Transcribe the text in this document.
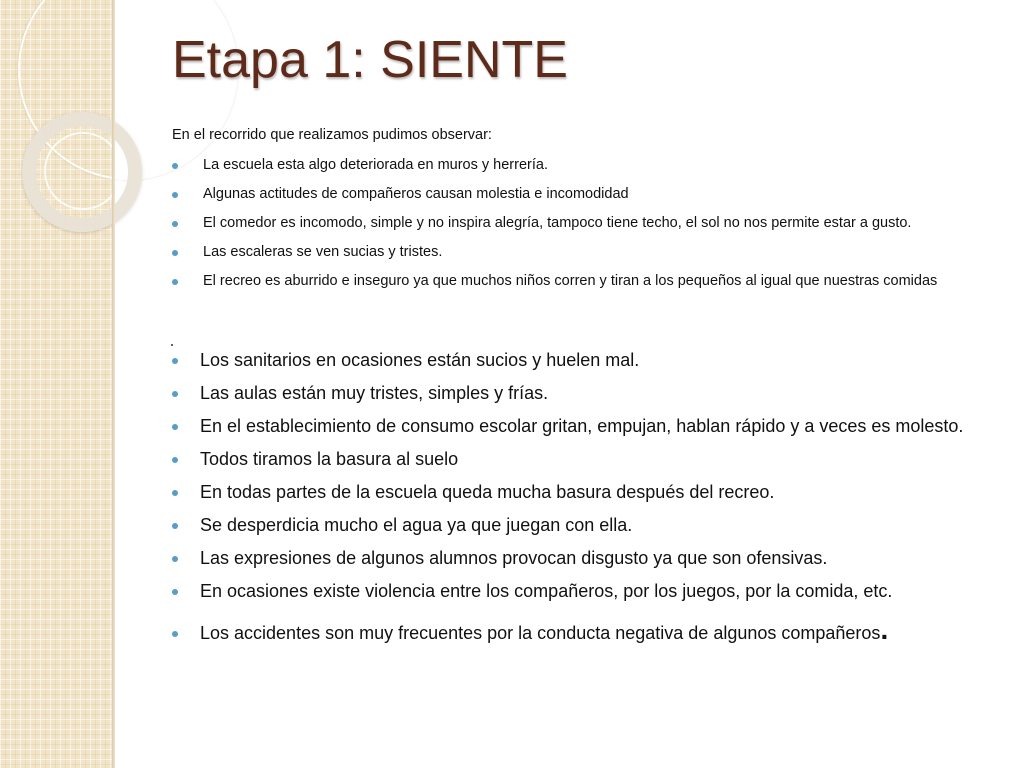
Etapa 1: SIENTE

En el recorrido que realizamos pudimos observar:

La escuela esta algo deteriorada en muros y herrería.
Algunas actitudes de compañeros causan molestia e incomodidad
El comedor es incomodo, simple y no inspira alegría, tampoco tiene techo, el sol no nos permite estar a gusto.
Las escaleras se ven sucias y tristes.
El recreo es aburrido e inseguro ya que muchos niños corren y tiran a los pequeños al igual que nuestras comidas
Los sanitarios en ocasiones están sucios y huelen mal.
Las aulas están muy tristes, simples y frías.
En el establecimiento de consumo escolar gritan, empujan, hablan rápido y a veces es molesto.
Todos tiramos la basura al suelo
En todas partes de la escuela queda mucha basura después del recreo.
Se desperdicia mucho el agua ya que juegan con ella.
Las expresiones de algunos alumnos provocan disgusto ya que son ofensivas.
En ocasiones existe violencia entre los compañeros, por los juegos, por la comida, etc.
Los accidentes son muy frecuentes por la conducta negativa de algunos compañeros.
